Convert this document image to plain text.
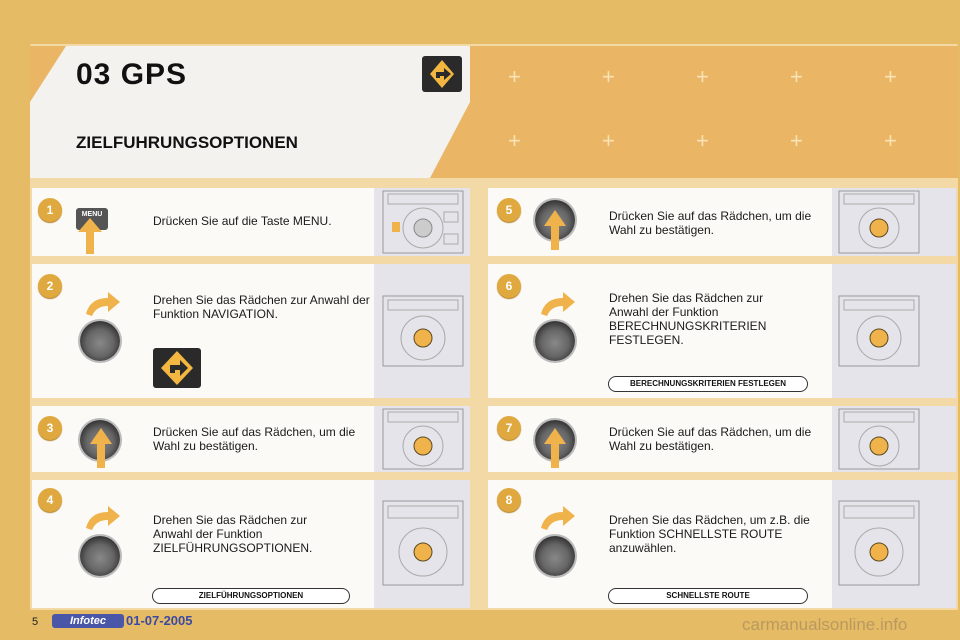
+	+	+	+	+
+	+	+	+	+
03 GPS
ZIELFUHRUNGSOPTIONEN
1
2
3
4
5
6
7
8
Drücken Sie auf die Taste MENU.
Drehen Sie das Rädchen zur Anwahl der Funktion NAVIGATION.
Drücken Sie auf das Rädchen, um die Wahl zu bestätigen.
Drehen Sie das Rädchen zur Anwahl der Funktion ZIELFÜHRUNGSOPTIONEN.
Drücken Sie auf das Rädchen, um die Wahl zu bestätigen.
Drehen Sie das Rädchen zur Anwahl der Funktion BERECHNUNGSKRITERIEN FESTLEGEN.
Drücken Sie auf das Rädchen, um die Wahl zu bestätigen.
Drehen Sie das Rädchen, um z.B. die Funktion SCHNELLSTE ROUTE anzuwählen.
ZIELFÜHRUNGSOPTIONEN
BERECHNUNGSKRITERIEN FESTLEGEN
SCHNELLSTE ROUTE
MENU
5	Infotec	01-07-2005	carmanualsonline.info
